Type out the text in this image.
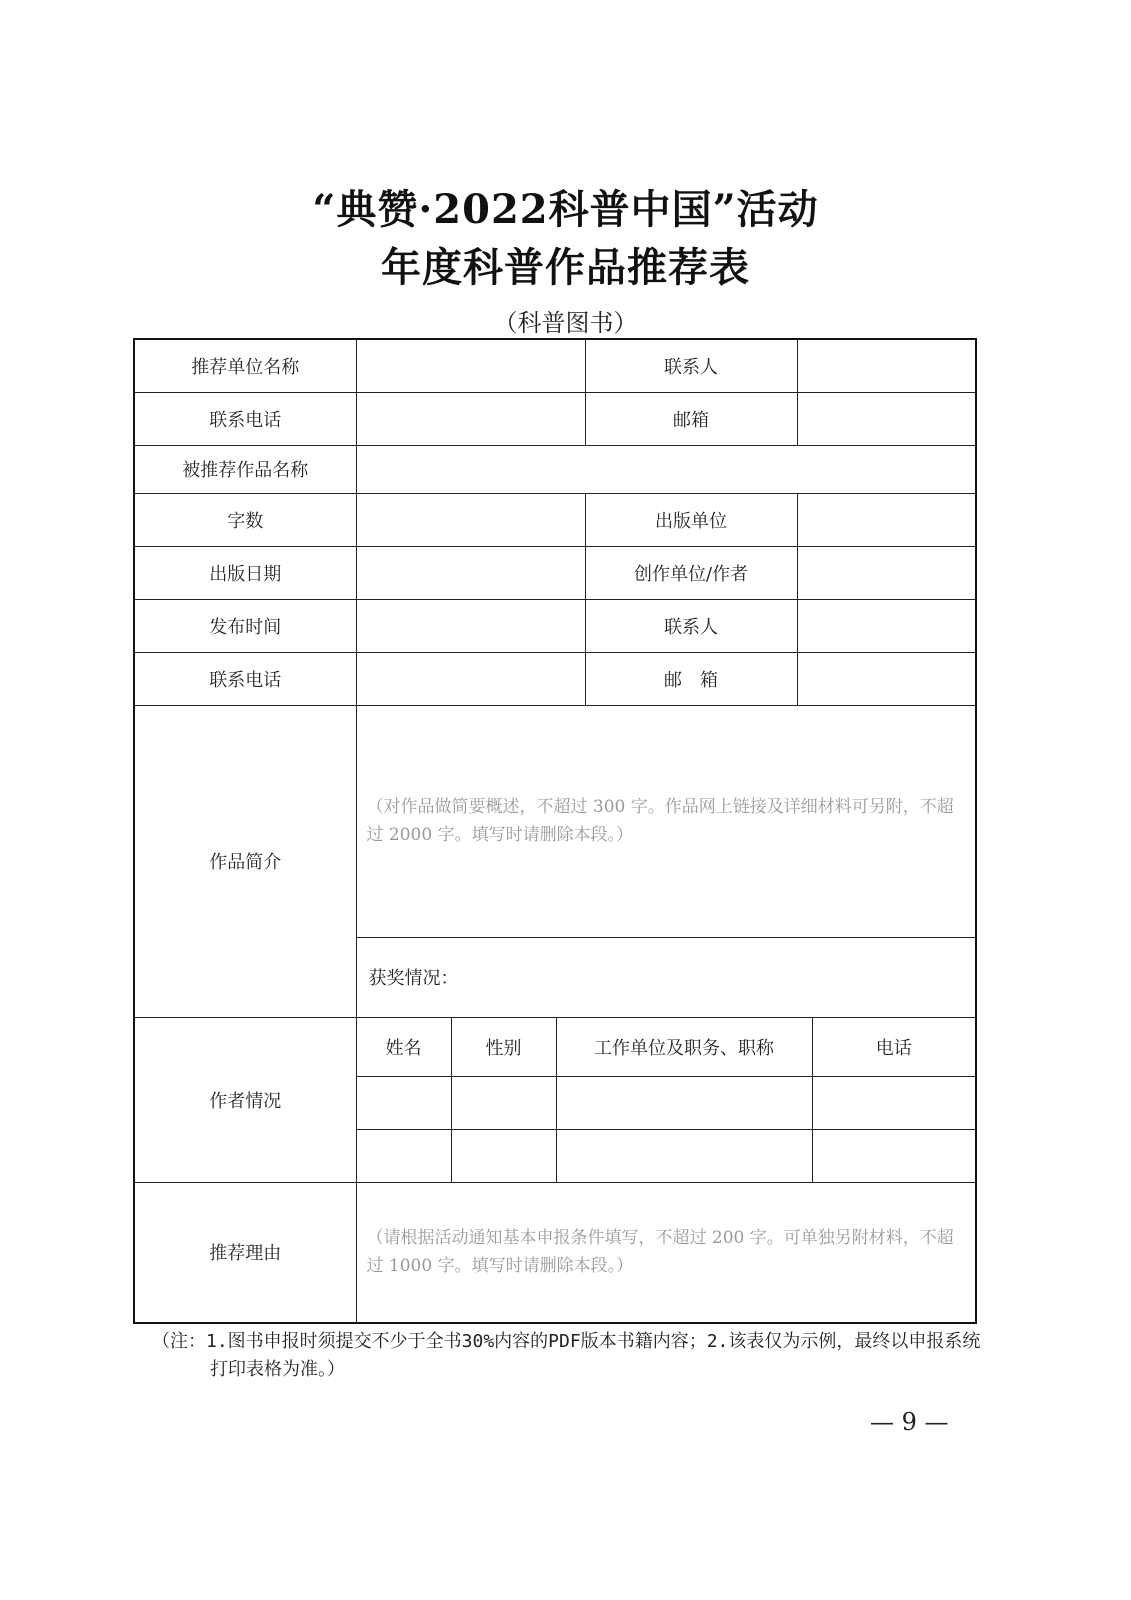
“典赞·2022科普中国”活动
年度科普作品推荐表
（科普图书）
推荐单位名称				联系人		
联系电话				邮箱		
被推荐作品名称						
字数				出版单位		
出版日期				创作单位/作者		
发布时间				联系人		
联系电话				邮　箱		
作品简介	（对作品做简要概述，不超过 300 字。作品网上链接及详细材料可另附，不超过 2000 字。填写时请删除本段。）					
	获奖情况：					
作者情况	姓名	性别	工作单位及职务、职称			电话

推荐理由	（请根据活动通知基本申报条件填写，不超过 200 字。可单独另附材料，不超过 1000 字。填写时请删除本段。）					
（注：1.图书申报时须提交不少于全书30%内容的PDF版本书籍内容；2.该表仅为示例，最终以申报系统打印表格为准。）
— 9 —
